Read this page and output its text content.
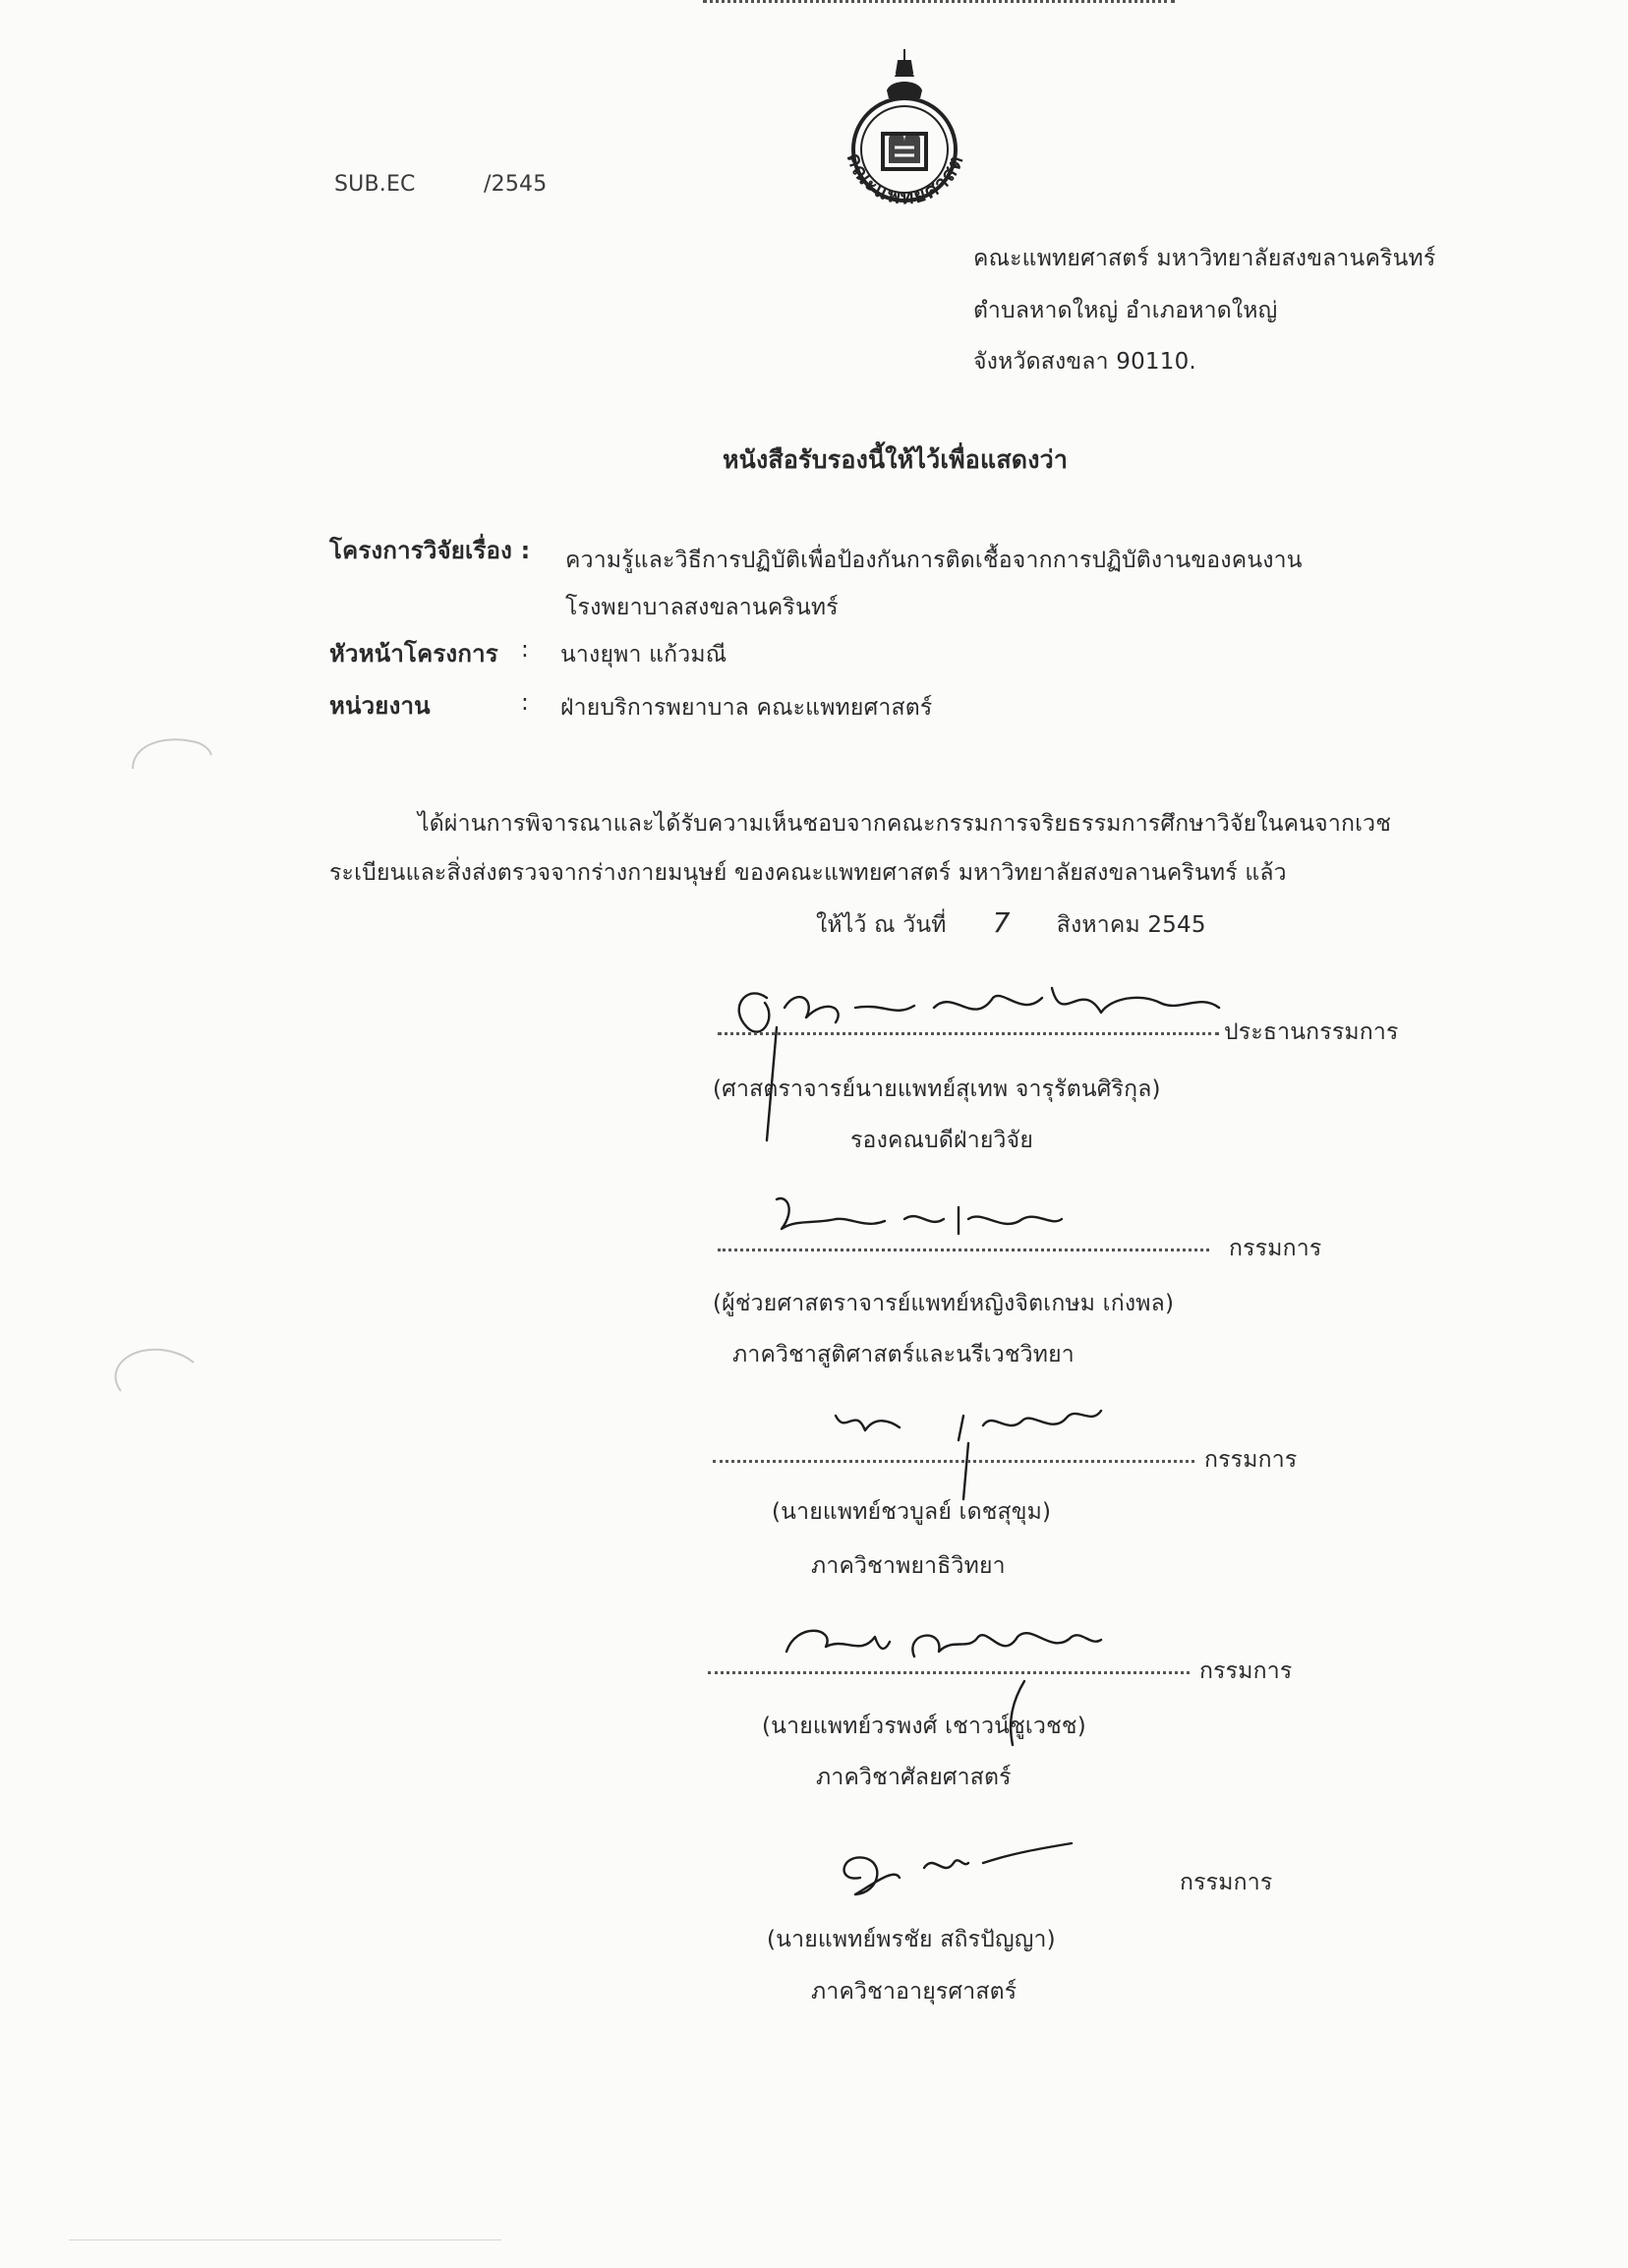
SUB.EC	/2545
คณะแพทยศาสต
คณะแพทยศาสตร์ มหาวิทยาลัยสงขลานครินทร์
ตำบลหาดใหญ่ อำเภอหาดใหญ่
จังหวัดสงขลา 90110.
หนังสือรับรองนี้ให้ไว้เพื่อแสดงว่า
โครงการวิจัยเรื่อง : ความรู้และวิธีการปฏิบัติเพื่อป้องกันการติดเชื้อจากการปฏิบัติงานของคนงาน
โรงพยาบาลสงขลานครินทร์
หัวหน้าโครงการ : นางยุพา แก้วมณี
หน่วยงาน	: ฝ่ายบริการพยาบาล คณะแพทยศาสตร์
ได้ผ่านการพิจารณาและได้รับความเห็นชอบจากคณะกรรมการจริยธรรมการศึกษาวิจัยในคนจากเวช
ระเบียนและสิ่งส่งตรวจจากร่างกายมนุษย์ ของคณะแพทยศาสตร์ มหาวิทยาลัยสงขลานครินทร์ แล้ว
ให้ไว้ ณ วันที่ 7 สิงหาคม 2545
ประธานกรรมการ
(ศาสตราจารย์นายแพทย์สุเทพ จารุรัตนศิริกุล)
รองคณบดีฝ่ายวิจัย
กรรมการ
(ผู้ช่วยศาสตราจารย์แพทย์หญิงจิตเกษม เก่งพล)
ภาควิชาสูติศาสตร์และนรีเวชวิทยา
กรรมการ
(นายแพทย์ชวบูลย์ เดชสุขุม)
ภาควิชาพยาธิวิทยา
กรรมการ
(นายแพทย์วรพงศ์ เชาวน์ชูเวชช)
ภาควิชาศัลยศาสตร์
กรรมการ
(นายแพทย์พรชัย สถิรปัญญา)
ภาควิชาอายุรศาสตร์
